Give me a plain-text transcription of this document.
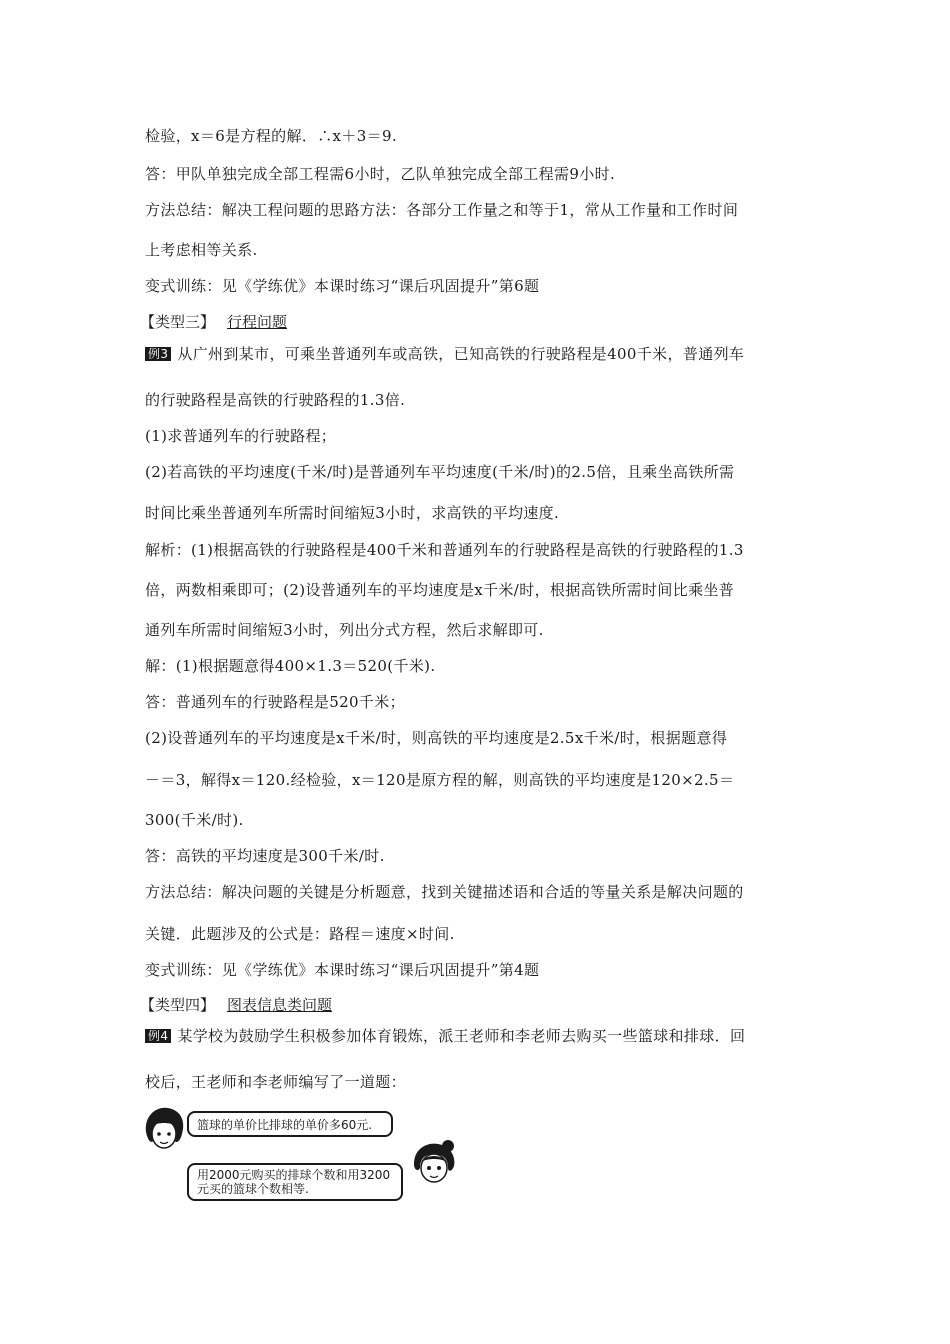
检验，x＝6是方程的解．∴x＋3＝9.
答：甲队单独完成全部工程需6小时，乙队单独完成全部工程需9小时.
方法总结：解决工程问题的思路方法：各部分工作量之和等于1，常从工作量和工作时间
上考虑相等关系.
变式训练：见《学练优》本课时练习“课后巩固提升”第6题
【类型三】 行程问题
例3 从广州到某市，可乘坐普通列车或高铁，已知高铁的行驶路程是400千米，普通列车
的行驶路程是高铁的行驶路程的1.3倍.
(1)求普通列车的行驶路程；
(2)若高铁的平均速度(千米/时)是普通列车平均速度(千米/时)的2.5倍，且乘坐高铁所需
时间比乘坐普通列车所需时间缩短3小时，求高铁的平均速度.
解析：(1)根据高铁的行驶路程是400千米和普通列车的行驶路程是高铁的行驶路程的1.3
倍，两数相乘即可；(2)设普通列车的平均速度是x千米/时，根据高铁所需时间比乘坐普
通列车所需时间缩短3小时，列出分式方程，然后求解即可.
解：(1)根据题意得400×1.3＝520(千米).
答：普通列车的行驶路程是520千米；
(2)设普通列车的平均速度是x千米/时，则高铁的平均速度是2.5x千米/时，根据题意得
－＝3，解得x＝120.经检验，x＝120是原方程的解，则高铁的平均速度是120×2.5＝
300(千米/时).
答：高铁的平均速度是300千米/时.
方法总结：解决问题的关键是分析题意，找到关键描述语和合适的等量关系是解决问题的
关键．此题涉及的公式是：路程＝速度×时间.
变式训练：见《学练优》本课时练习“课后巩固提升”第4题
【类型四】 图表信息类问题
例4 某学校为鼓励学生积极参加体育锻炼，派王老师和李老师去购买一些篮球和排球．回
校后，王老师和李老师编写了一道题：
篮球的单价比排球的单价多60元.
用2000元购买的排球个数和用3200
元买的篮球个数相等.
